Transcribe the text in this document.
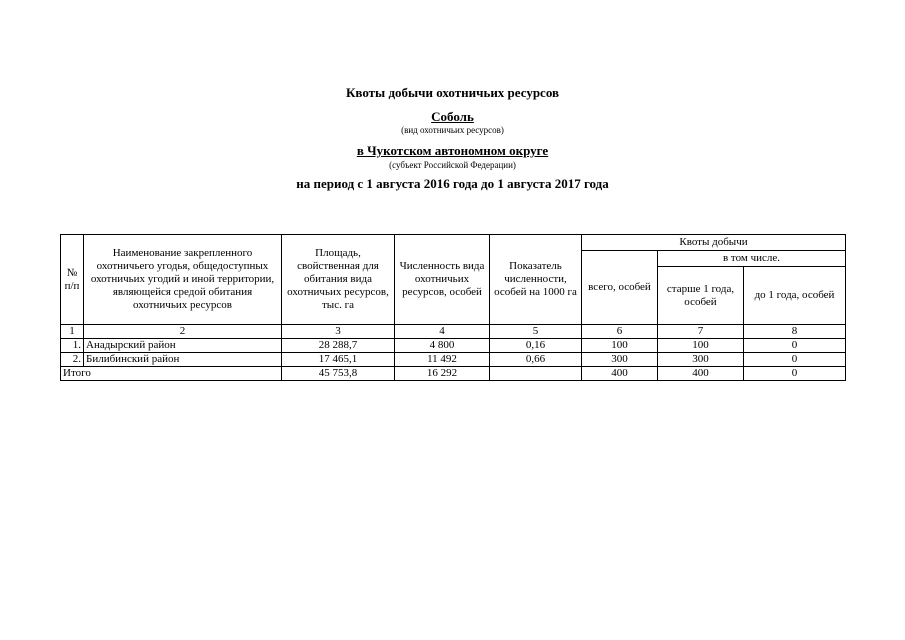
Квоты добычи охотничьих ресурсов
Соболь
(вид охотничьих ресурсов)
в Чукотском автономном округе
(субъект Российской Федерации)
на период с 1 августа 2016 года до 1 августа 2017 года
№ п/п	Наименование закрепленного охотничьего угодья, общедоступных охотничьих угодий и иной территории, являющейся средой обитания охотничьих ресурсов	Площадь, свойственная для обитания вида охотничьих ресурсов, тыс. га	Численность вида охотничьих ресурсов, особей	Показатель численности, особей на 1000 га	Квоты добычи		
					всего, особей	в том числе.	
						старше 1 года, особей	до 1 года, особей
1	2	3	4	5	6	7	8
1.	Анадырский район	28 288,7	4 800	0,16	100	100	0
2.	Билибинский район	17 465,1	11 492	0,66	300	300	0
Итого		45 753,8	16 292		400	400	0
